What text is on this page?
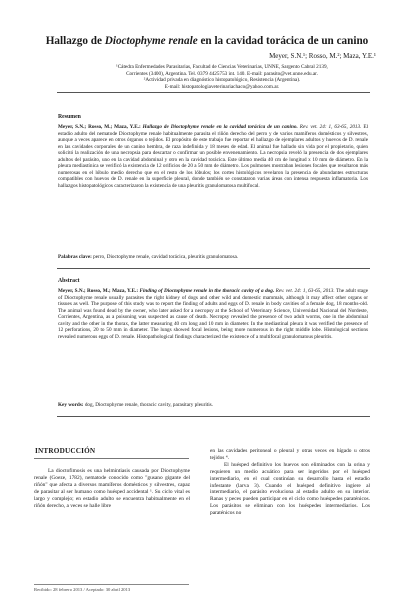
Hallazgo de Dioctophyme renale en la cavidad torácica de un canino
Meyer, S.N.¹; Rosso, M.²; Maza, Y.E.¹
¹Cátedra Enfermedades Parasitarias, Facultad de Ciencias Veterinarias, UNNE, Sargento Cabral 2139,
Corrientes (3400), Argentina. Tel. 0379 4425753 int. 140. E-mail: parasito@vet.unne.edu.ar.
²Actividad privada en diagnóstico histopatológico, Resistencia (Argentina).
E-mail: histopatologiaveterinariachaco@yahoo.com.ar.
Resumen

Meyer, S.N.; Rosso, M.; Maza, Y.E.: Hallazgo de Dioctophyme renale en la cavidad torácica de un canino. Rev. vet. 24: 1, 63-65, 2013. El estadio adulto del nematode Dioctophyme renale habitualmente parasita el riñón derecho del perro y de varios mamíferos domésticos y silvestres, aunque a veces aparece en otros órganos o tejidos. El propósito de este trabajo fue reportar el hallazgo de ejemplares adultos y huevos de D. renale en las cavidades corporales de un canino hembra, de raza indefinida y 18 meses de edad. El animal fue hallado sin vida por el propietario, quien solicitó la realización de una necropsia para descartar o confirmar un posible envenenamiento. La necropsia reveló la presencia de dos ejemplares adultos del parásito, uno en la cavidad abdominal y otro en la cavidad torácica. Este último medía 40 cm de longitud x 10 mm de diámetro. En la pleura mediastínica se verificó la existencia de 12 orificios de 20 a 50 mm de diámetro. Los pulmones mostraban lesiones focales que resultaron más numerosas en el lóbulo medio derecho que en el resto de los lóbulos; los cortes histológicos revelaron la presencia de abundantes estructuras compatibles con huevos de D. renale en la superficie pleural, donde también se constataron varias áreas con intensa respuesta inflamatoria. Los hallazgos histopatológicos caracterizaron la existencia de una pleuritis granulomatosa multifocal.

Palabras clave: perro, Dioctophyme renale, cavidad torácica, pleuritis granulomatosa.
Abstract

Meyer, S.N.; Rosso, M.; Maza, Y.E.: Finding of Dioctophyme renale in the thoracic cavity of a dog. Rev. vet. 24: 1, 63-65, 2013. The adult stage of Dioctophyme renale usually parasites the right kidney of dogs and other wild and domestic mammals, although it may affect other organs or tissues as well. The purpose of this study was to report the finding of adults and eggs of D. renale in body cavities of a female dog, 18 months-old. The animal was found dead by the owner, who later asked for a necropsy at the School of Veterinary Science, Universidad Nacional del Nordeste, Corrientes, Argentina, as a poisoning was suspected as cause of death. Necropsy revealed the presence of two adult worms, one in the abdominal cavity and the other in the thorax, the latter measuring 40 cm long and 10 mm in diameter. In the mediastinal pleura it was verified the presence of 12 perforations, 20 to 50 mm in diameter. The lungs showed focal lesions, being more numerous in the right middle lobe. Histological sections revealed numerous eggs of D. renale. Histopathological findings characterized the existence of a multifocal granulomatous pleuritis.

Key words: dog, Dioctophyme renale, thoracic cavity, parasitary pleuritis.
INTRODUCCIÓN

La dioctofimosis es una helmintiasis causada por Dioctophyme renale (Goeze, 1782), nematode conocido como "gusano gigante del riñón" que afecta a diversos mamíferos domésticos y silvestres, capaz de parasitar al ser humano como huésped accidental ¹. Su ciclo vital es largo y complejo; en estadio adulto se encuentra habitualmente en el riñón derecho, a veces se halle libre

en las cavidades peritoneal o pleural y otras veces en hígado u otros tejidos ⁴.

El huésped definitivo los huevos son eliminados con la orina y requieren un medio acuático para ser ingeridos por el huésped intermediario, en el cual continúan su desarrollo hasta el estadio infestante (larva 3). Cuando el huésped definitivo ingiere al intermediario, el parásito evoluciona al estadio adulto en su interior. Ranas y peces pueden participar en el ciclo como huéspedes paraténicos. Los parásitos se eliminan con los huéspedes intermediarios. Los paraténicos no

Recibido: 28 febrero 2013 / Aceptado: 30 abril 2013
